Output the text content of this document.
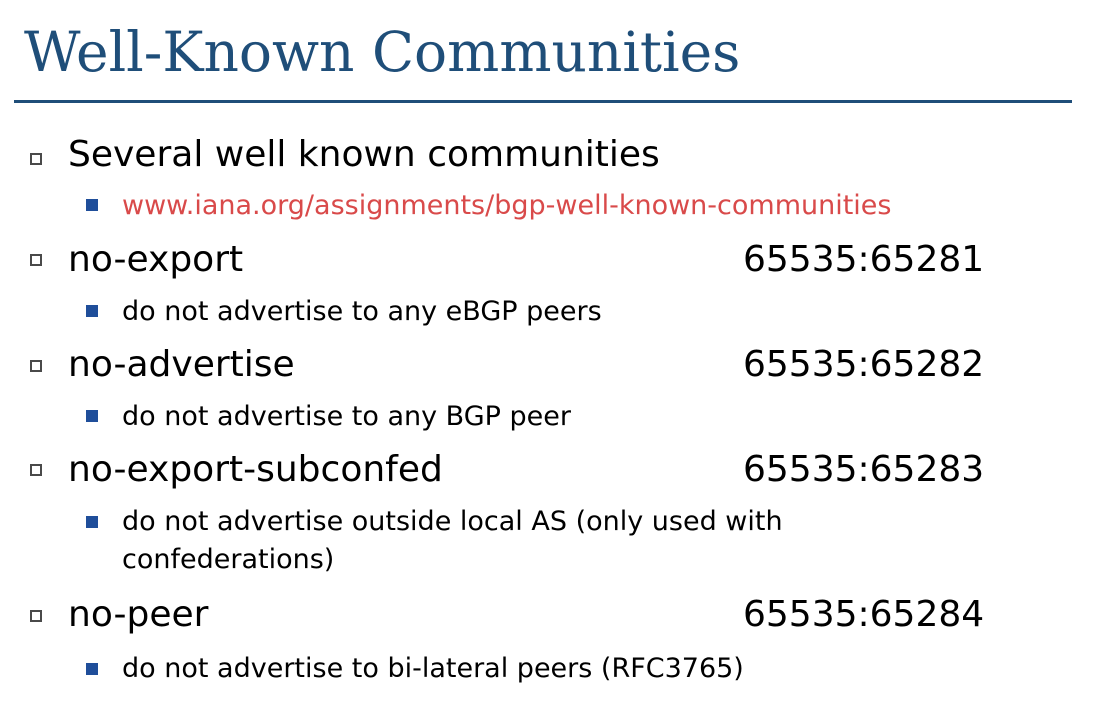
Well-Known Communities
Several well known communities
www.iana.org/assignments/bgp-well-known-communities
no-export	65535:65281
do not advertise to any eBGP peers
no-advertise	65535:65282
do not advertise to any BGP peer
no-export-subconfed	65535:65283
do not advertise outside local AS (only used with
confederations)
no-peer	65535:65284
do not advertise to bi-lateral peers (RFC3765)
